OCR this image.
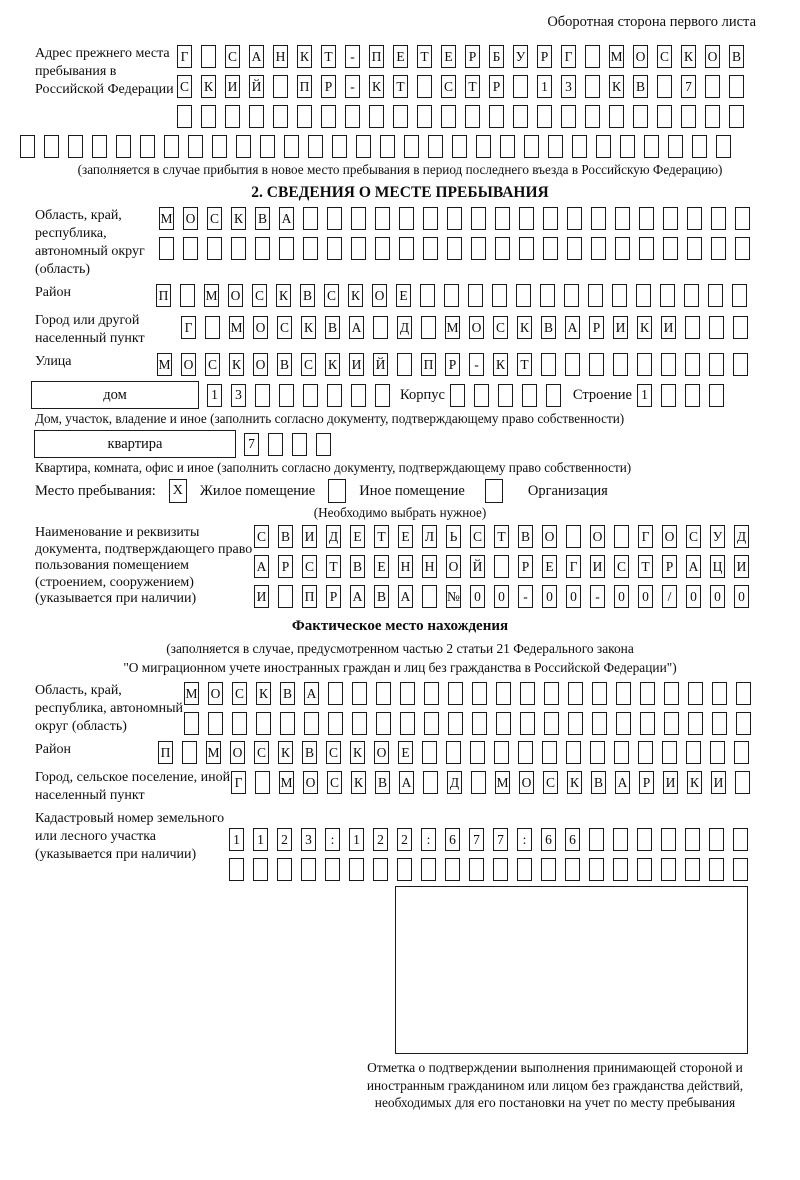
Оборотная сторона первого листа
Адрес прежнего места пребывания в Российской Федерации
Г	С А Н К Т	-	П Е Т Е Р Б У Р Г	М О С К О В
С К И Й	П Р	-	К Т	С Т Р	1	3	К В	7
(заполняется в случае прибытия в новое место пребывания в период последнего въезда в Российскую Федерацию)
2. СВЕДЕНИЯ О МЕСТЕ ПРЕБЫВАНИЯ
Область, край, республика, автономный округ (область)
М О С К В А
Район	П	М О С К В С К О Е
Город или другой населенный пункт
Г	М О С К В А	Д	М О С К В А Р И К И
Улица	М О С К О В С К И Й	П Р	-	К Т
дом	1	3	Корпус	Строение 1
Дом, участок, владение и иное (заполнить согласно документу, подтверждающему право собственности)
квартира	7
Квартира, комната, офис и иное (заполнить согласно документу, подтверждающему право собственности)
Место пребывания: X Жилое помещение	Иное помещение	Организация
(Необходимо выбрать нужное)
Наименование и реквизиты документа, подтверждающего право пользования помещением (строением, сооружением) (указывается при наличии)
С В И Д Е Т Е Л Ь С Т В О	О	Г О С У Д
А Р С Т В Е Н Н О Й	Р Е Г И С Т Р А Ц И
И	П Р А В А	№	0	0	-	0	0	-	0	0	/	0	0	0
Фактическое место нахождения
(заполняется в случае, предусмотренном частью 2 статьи 21 Федерального закона
"О миграционном учете иностранных граждан и лиц без гражданства в Российской Федерации")
Область, край, республика, автономный округ (область)
М О С К В А
Район	П	М О С К В С К О Е
Город, сельское поселение, иной населенный пункт
Г	М О С К В А	Д	М О С К В А Р И К И
Кадастровый номер земельного или лесного участка (указывается при наличии)
1	1	2	3	:	1	2	2	:	6	7	7	:	6	6
Отметка о подтверждении выполнения принимающей стороной и иностранным гражданином или лицом без гражданства действий, необходимых для его постановки на учет по месту пребывания
